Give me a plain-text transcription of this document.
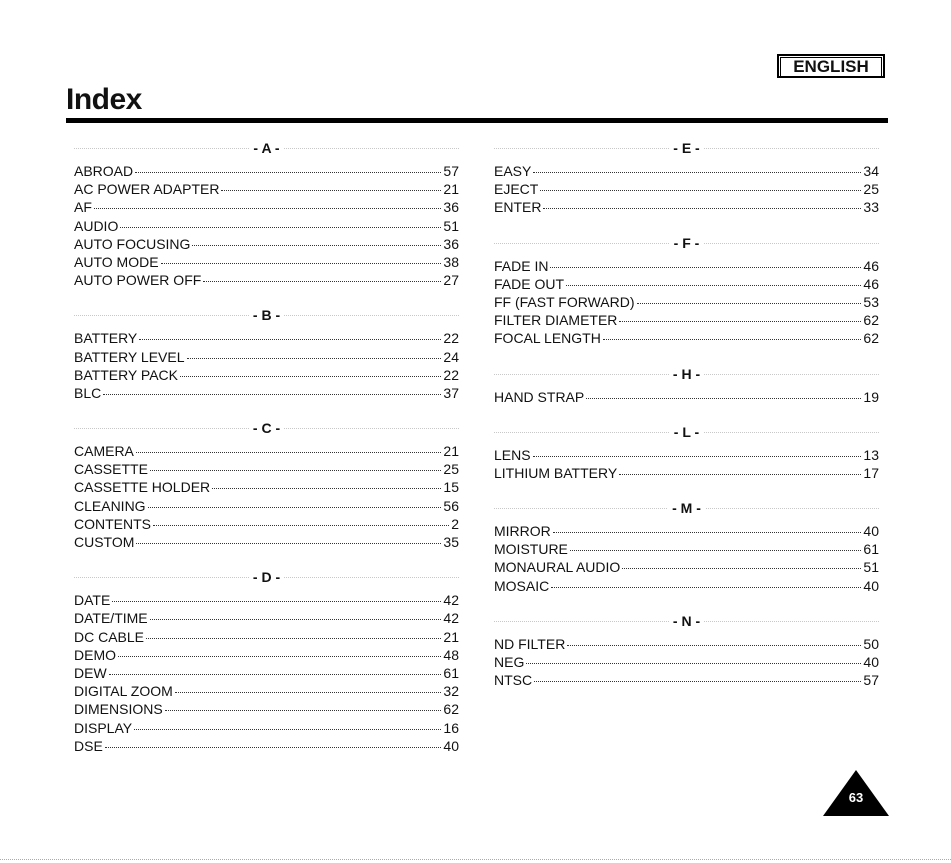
ENGLISH
Index
- A -
ABROAD	57
AC POWER ADAPTER	21
AF	36
AUDIO	51
AUTO FOCUSING	36
AUTO MODE	38
AUTO POWER OFF	27
- B -
BATTERY	22
BATTERY LEVEL	24
BATTERY PACK	22
BLC	37
- C -
CAMERA	21
CASSETTE	25
CASSETTE HOLDER	15
CLEANING	56
CONTENTS	2
CUSTOM	35
- D -
DATE	42
DATE/TIME	42
DC CABLE	21
DEMO	48
DEW	61
DIGITAL ZOOM	32
DIMENSIONS	62
DISPLAY	16
DSE	40
- E -
EASY	34
EJECT	25
ENTER	33
- F -
FADE IN	46
FADE OUT	46
FF (FAST FORWARD)	53
FILTER DIAMETER	62
FOCAL LENGTH	62
- H -
HAND STRAP	19
- L -
LENS	13
LITHIUM BATTERY	17
- M -
MIRROR	40
MOISTURE	61
MONAURAL AUDIO	51
MOSAIC	40
- N -
ND FILTER	50
NEG	40
NTSC	57
63
